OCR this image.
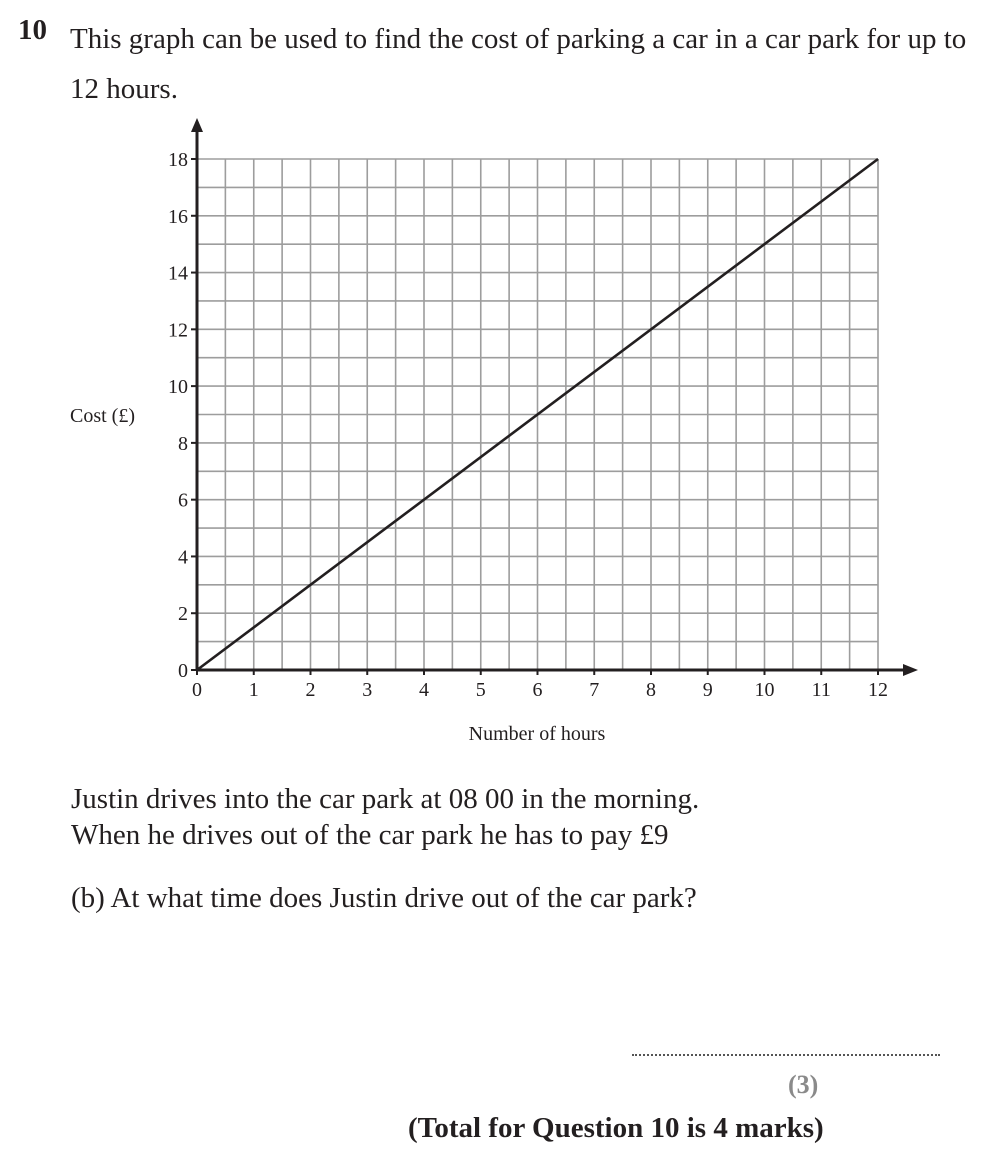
10 This graph can be used to find the cost of parking a car in a car park for up to 12 hours.
0 1 2 3 4 5 6 7 8 9 10 11 12
0
2
4
6
8
10
12
14
16
18
Cost (£)
Number of hours
Justin drives into the car park at 08 00 in the morning.
When he drives out of the car park he has to pay £9
(b) At what time does Justin drive out of the car park?
(3)
(Total for Question 10 is 4 marks)
